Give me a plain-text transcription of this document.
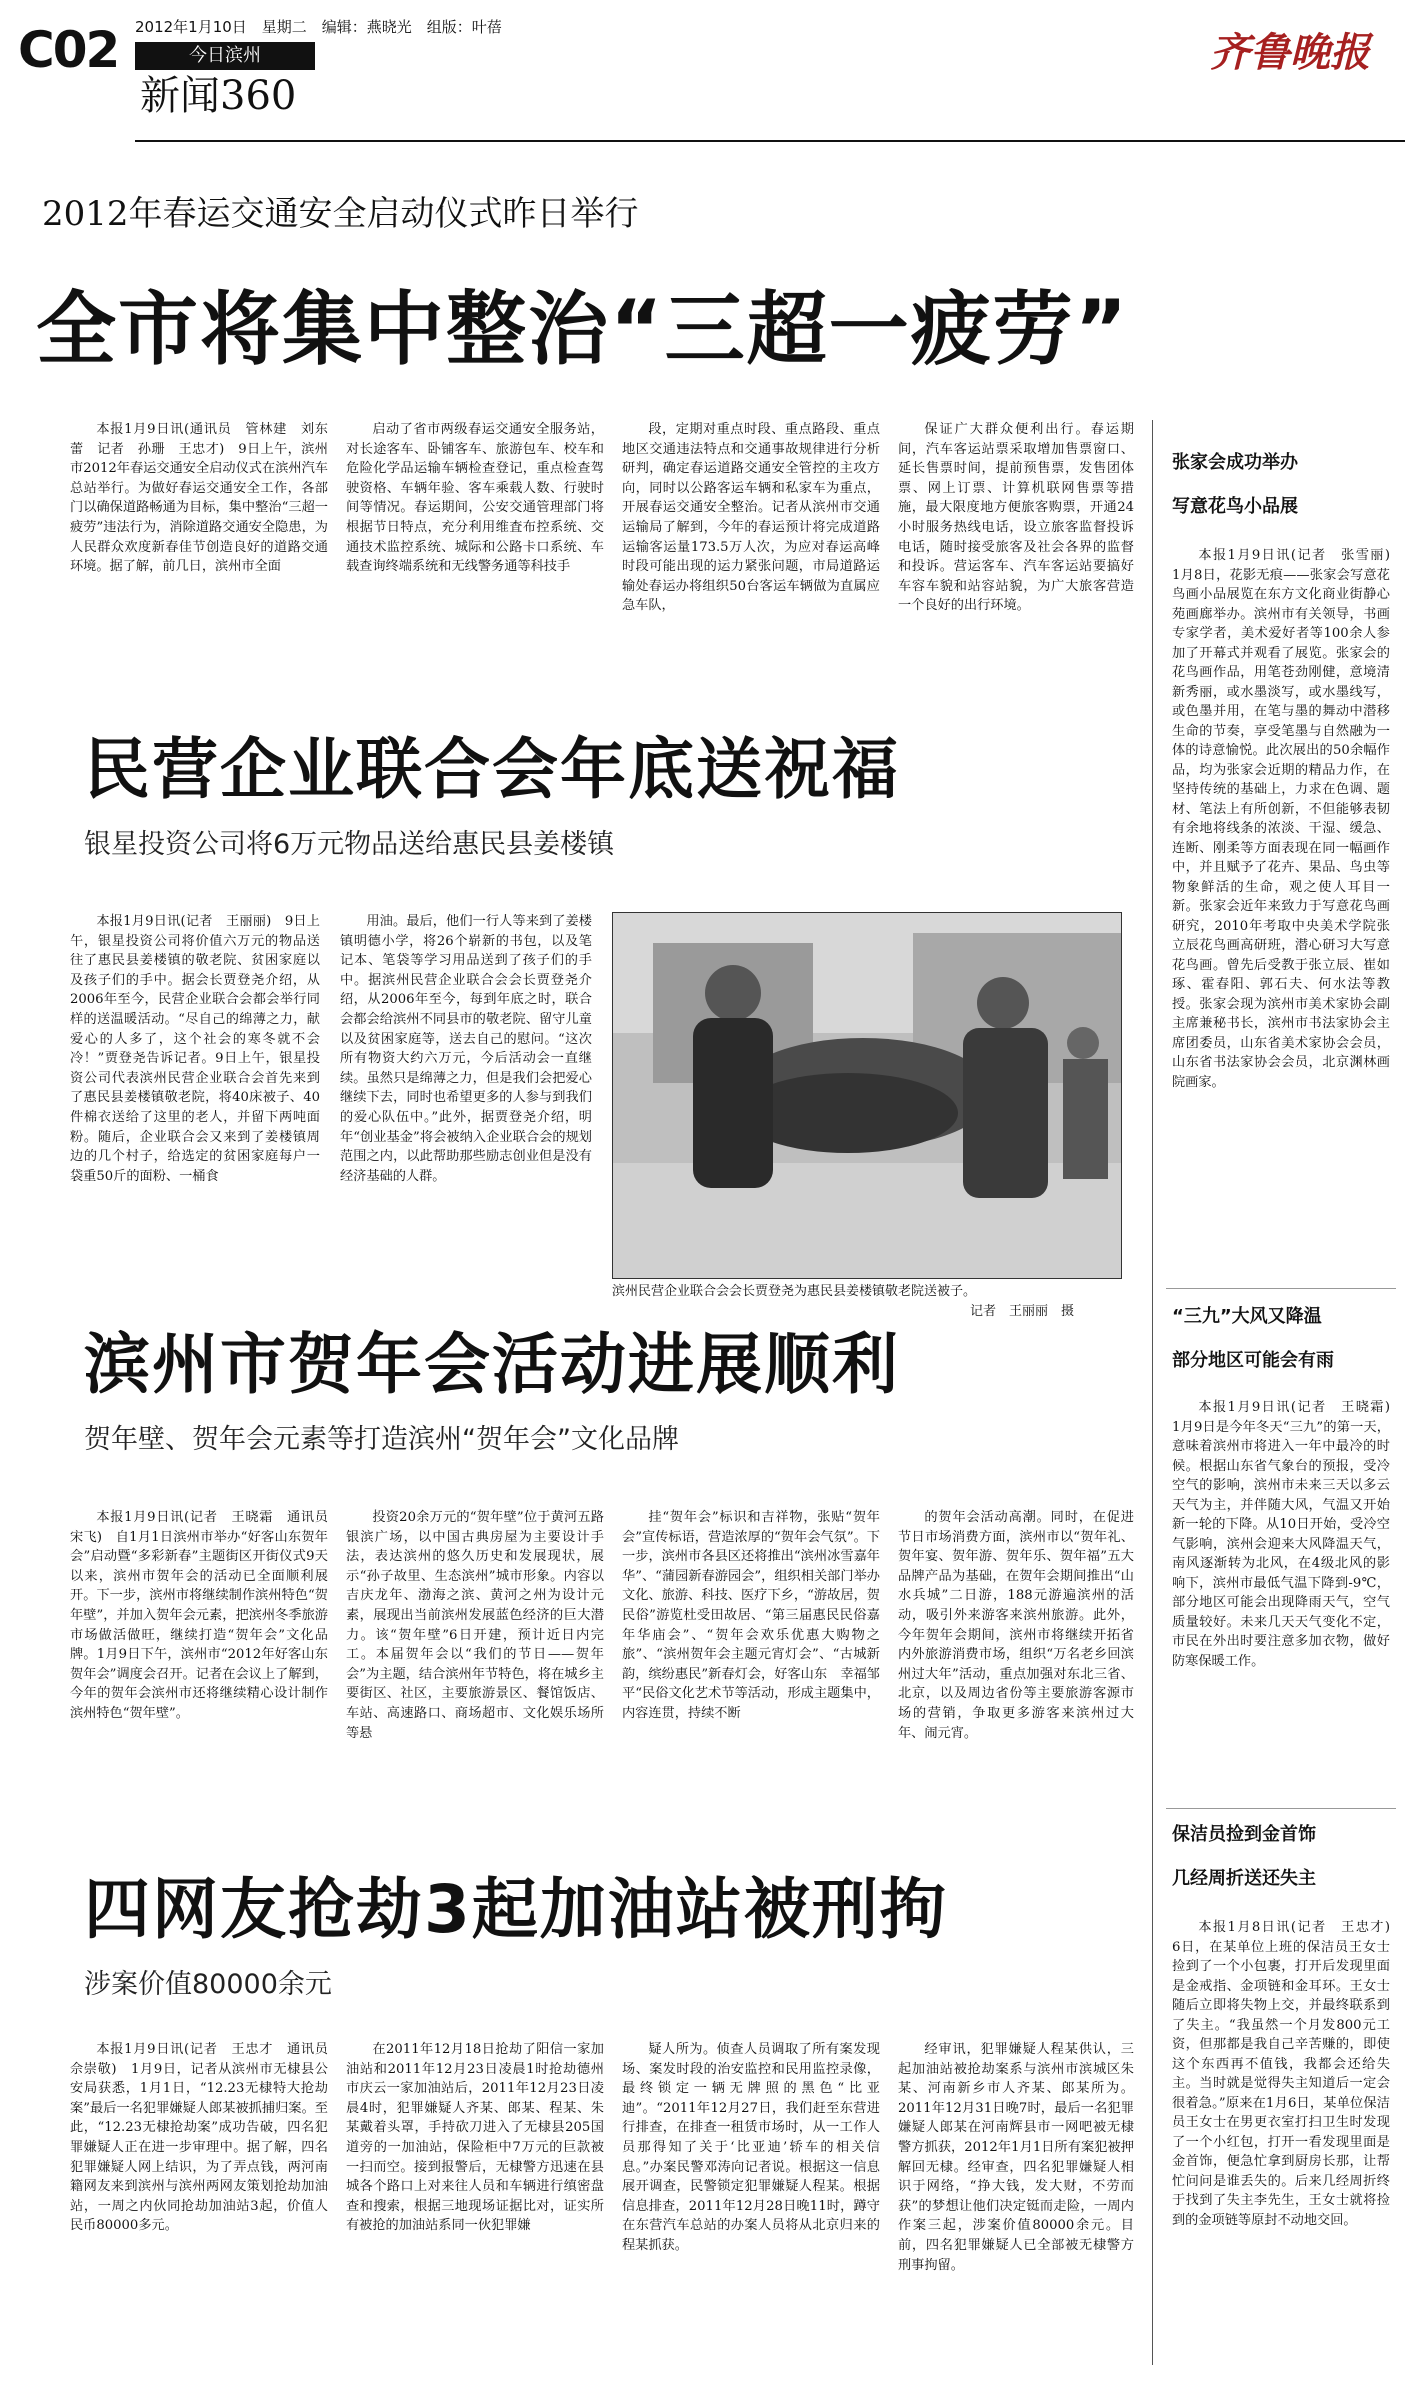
C02 2012年1月10日　星期二　编辑：燕晓光　组版：叶蓓
今日滨州
新闻360
齐鲁晚报
2012年春运交通安全启动仪式昨日举行
全市将集中整治“三超一疲劳”

本报1月9日讯(通讯员　管林建　刘东蕾　记者　孙珊　王忠才)　9日上午，滨州市2012年春运交通安全启动仪式在滨州汽车总站举行。为做好春运交通安全工作，各部门以确保道路畅通为目标，集中整治“三超一疲劳”违法行为，消除道路交通安全隐患，为人民群众欢度新春佳节创造良好的道路交通环境。据了解，前几日，滨州市全面

启动了省市两级春运交通安全服务站，对长途客车、卧铺客车、旅游包车、校车和危险化学品运输车辆检查登记，重点检查驾驶资格、车辆年验、客车乘载人数、行驶时间等情况。春运期间，公安交通管理部门将根据节日特点，充分利用维査布控系统、交通技术监控系统、城际和公路卡口系统、车载查询终端系统和无线警务通等科技手

段，定期对重点时段、重点路段、重点地区交通违法特点和交通事故规律进行分析研判，确定春运道路交通安全管控的主攻方向，同时以公路客运车辆和私家车为重点，开展春运交通安全整治。记者从滨州市交通运输局了解到，今年的春运预计将完成道路运输客运量173.5万人次，为应对春运高峰时段可能出现的运力紧张问题，市局道路运输处春运办将组织50台客运车辆做为直属应急车队，

保证广大群众便利出行。春运期间，汽车客运站票采取增加售票窗口、延长售票时间，提前预售票，发售团体票、网上订票、计算机联网售票等措施，最大限度地方便旅客购票，开通24小时服务热线电话，设立旅客监督投诉电话，随时接受旅客及社会各界的监督和投诉。营运客车、汽车客运站要搞好车容车貌和站容站貌，为广大旅客营造一个良好的出行环境。

民营企业联合会年底送祝福
银星投资公司将6万元物品送给惠民县姜楼镇

本报1月9日讯(记者　王丽丽)　9日上午，银星投资公司将价值六万元的物品送往了惠民县姜楼镇的敬老院、贫困家庭以及孩子们的手中。据会长贾登尧介绍，从2006年至今，民营企业联合会都会举行同样的送温暖活动。“尽自己的绵薄之力，献爱心的人多了，这个社会的寒冬就不会冷！”贾登尧告诉记者。9日上午，银星投资公司代表滨州民营企业联合会首先来到了惠民县姜楼镇敬老院，将40床被子、40件棉衣送给了这里的老人，并留下两吨面粉。随后，企业联合会又来到了姜楼镇周边的几个村子，给选定的贫困家庭每户一袋重50斤的面粉、一桶食

用油。最后，他们一行人等来到了姜楼镇明德小学，将26个崭新的书包，以及笔记本、笔袋等学习用品送到了孩子们的手中。据滨州民营企业联合会会长贾登尧介绍，从2006年至今，每到年底之时，联合会都会给滨州不同县市的敬老院、留守儿童以及贫困家庭等，送去自己的慰问。“这次所有物资大约六万元，今后活动会一直继续。虽然只是绵薄之力，但是我们会把爱心继续下去，同时也希望更多的人参与到我们的爱心队伍中。”此外，据贾登尧介绍，明年“创业基金”将会被纳入企业联合会的规划范围之内，以此帮助那些励志创业但是没有经济基础的人群。

滨州民营企业联合会会长贾登尧为惠民县姜楼镇敬老院送被子。
记者　王丽丽　摄
滨州市贺年会活动进展顺利
贺年壁、贺年会元素等打造滨州“贺年会”文化品牌

本报1月9日讯(记者　王晓霜　通讯员　宋飞)　自1月1日滨州市举办“好客山东贺年会”启动暨“多彩新春”主题街区开街仪式9天以来，滨州市贺年会的活动已全面顺利展开。下一步，滨州市将继续制作滨州特色“贺年壁”，并加入贺年会元素，把滨州冬季旅游市场做活做旺，继续打造“贺年会”文化品牌。1月9日下午，滨州市“2012年好客山东贺年会”调度会召开。记者在会议上了解到，今年的贺年会滨州市还将继续精心设计制作滨州特色“贺年壁”。

投资20余万元的“贺年壁”位于黄河五路银滨广场，以中国古典房屋为主要设计手法，表达滨州的悠久历史和发展现状，展示“孙子故里、生态滨州”城市形象。内容以吉庆龙年、渤海之滨、黄河之州为设计元素，展现出当前滨州发展蓝色经济的巨大潜力。该“贺年壁”6日开建，预计近日内完工。本届贺年会以“我们的节日——贺年会”为主题，结合滨州年节特色，将在城乡主要街区、社区，主要旅游景区、餐馆饭店、车站、高速路口、商场超市、文化娱乐场所等悬

挂“贺年会”标识和吉祥物，张贴“贺年会”宣传标语，营造浓厚的“贺年会气氛”。下一步，滨州市各县区还将推出“滨州冰雪嘉年华”、“蒲园新春游园会”，组织相关部门举办文化、旅游、科技、医疗下乡，“游故居，贺民俗”游览杜受田故居、“第三届惠民民俗嘉年华庙会”、“贺年会欢乐优惠大购物之旅”、“滨州贺年会主题元宵灯会”、“古城新韵，缤纷惠民”新春灯会，好客山东　幸福邹平“民俗文化艺术节等活动，形成主题集中，内容连贯，持续不断

的贺年会活动高潮。同时，在促进节日市场消费方面，滨州市以“贺年礼、贺年宴、贺年游、贺年乐、贺年福”五大品牌产品为基础，在贺年会期间推出“山水兵城”二日游，188元游遍滨州的活动，吸引外来游客来滨州旅游。此外，今年贺年会期间，滨州市将继续开拓省内外旅游消费市场，组织“万名老乡回滨州过大年”活动，重点加强对东北三省、北京，以及周边省份等主要旅游客源市场的营销，争取更多游客来滨州过大年、闹元宵。

四网友抢劫3起加油站被刑拘
涉案价值80000余元

本报1月9日讯(记者　王忠才　通讯员　佘崇敬)　1月9日，记者从滨州市无棣县公安局获悉，1月1日，“12.23无棣特大抢劫案”最后一名犯罪嫌疑人郎某被抓捕归案。至此，“12.23无棣抢劫案”成功告破，四名犯罪嫌疑人正在进一步审理中。据了解，四名犯罪嫌疑人网上结识，为了弄点钱，两河南籍网友来到滨州与滨州两网友策划抢劫加油站，一周之内伙同抢劫加油站3起，价值人民币80000多元。

在2011年12月18日抢劫了阳信一家加油站和2011年12月23日凌晨1时抢劫德州市庆云一家加油站后，2011年12月23日凌晨4时，犯罪嫌疑人齐某、郎某、程某、朱某戴着头罩，手持砍刀进入了无棣县205国道旁的一加油站，保险柜中7万元的巨款被一扫而空。接到报警后，无棣警方迅速在县城各个路口上对来往人员和车辆进行缜密盘查和搜索，根据三地现场证据比对，证实所有被抢的加油站系同一伙犯罪嫌

疑人所为。侦查人员调取了所有案发现场、案发时段的治安监控和民用监控录像，最终锁定一辆无牌照的黑色“比亚迪”。“2011年12月27日，我们赶至东营进行排查，在排查一租赁市场时，从一工作人员那得知了关于‘比亚迪’轿车的相关信息。”办案民警邓涛向记者说。根据这一信息展开调查，民警锁定犯罪嫌疑人程某。根据信息排查，2011年12月28日晚11时，蹲守在东营汽车总站的办案人员将从北京归来的程某抓获。

经审讯，犯罪嫌疑人程某供认，三起加油站被抢劫案系与滨州市滨城区朱某、河南新乡市人齐某、郎某所为。2011年12月31日晚7时，最后一名犯罪嫌疑人郎某在河南辉县市一网吧被无棣警方抓获，2012年1月1日所有案犯被押解回无棣。经审查，四名犯罪嫌疑人相识于网络，“挣大钱，发大财，不劳而获”的梦想让他们决定铤而走险，一周内作案三起，涉案价值80000余元。目前，四名犯罪嫌疑人已全部被无棣警方刑事拘留。

张家会成功举办
写意花鸟小品展

本报1月9日讯(记者　张雪丽)　1月8日，花影无痕——张家会写意花鸟画小品展览在东方文化商业街静心苑画廊举办。滨州市有关领导，书画专家学者，美术爱好者等100余人参加了开幕式并观看了展览。张家会的花鸟画作品，用笔苍劲刚健，意境清新秀丽，或水墨淡写，或水墨线写，或色墨并用，在笔与墨的舞动中潜移生命的节奏，享受笔墨与自然融为一体的诗意愉悦。此次展出的50余幅作品，均为张家会近期的精品力作，在坚持传统的基础上，力求在色调、题材、笔法上有所创新，不但能够表韧有余地将线条的浓淡、干湿、缓急、连断、刚柔等方面表现在同一幅画作中，并且赋予了花卉、果品、鸟虫等物象鲜活的生命，观之使人耳目一新。张家会近年来致力于写意花鸟画研究，2010年考取中央美术学院张立辰花鸟画高研班，潜心研习大写意花鸟画。曾先后受教于张立辰、崔如琢、霍春阳、郭石夫、何水法等教授。张家会现为滨州市美术家协会副主席兼秘书长，滨州市书法家协会主席团委员，山东省美术家协会会员，山东省书法家协会会员，北京渊林画院画家。

“三九”大风又降温
部分地区可能会有雨

本报1月9日讯(记者　王晓霜)　1月9日是今年冬天“三九”的第一天，意味着滨州市将进入一年中最冷的时候。根据山东省气象台的预报，受冷空气的影响，滨州市未来三天以多云天气为主，并伴随大风，气温又开始新一轮的下降。从10日开始，受冷空气影响，滨州会迎来大风降温天气，南风逐渐转为北风，在4级北风的影响下，滨州市最低气温下降到-9℃，部分地区可能会出现降雨天气，空气质量较好。未来几天天气变化不定，市民在外出时要注意多加衣物，做好防寒保暖工作。

保洁员捡到金首饰
几经周折送还失主

本报1月8日讯(记者　王忠才)　6日，在某单位上班的保洁员王女士捡到了一个小包裹，打开后发现里面是金戒指、金项链和金耳环。王女士随后立即将失物上交，并最终联系到了失主。“我虽然一个月发800元工资，但那都是我自己辛苦赚的，即使这个东西再不值钱，我都会还给失主。当时就是觉得失主知道后一定会很着急。”原来在1月6日，某单位保洁员王女士在男更衣室打扫卫生时发现了一个小红包，打开一看发现里面是金首饰，便急忙拿到厨房长那，让帮忙问问是谁丢失的。后来几经周折终于找到了失主李先生，王女士就将捡到的金项链等原封不动地交回。
